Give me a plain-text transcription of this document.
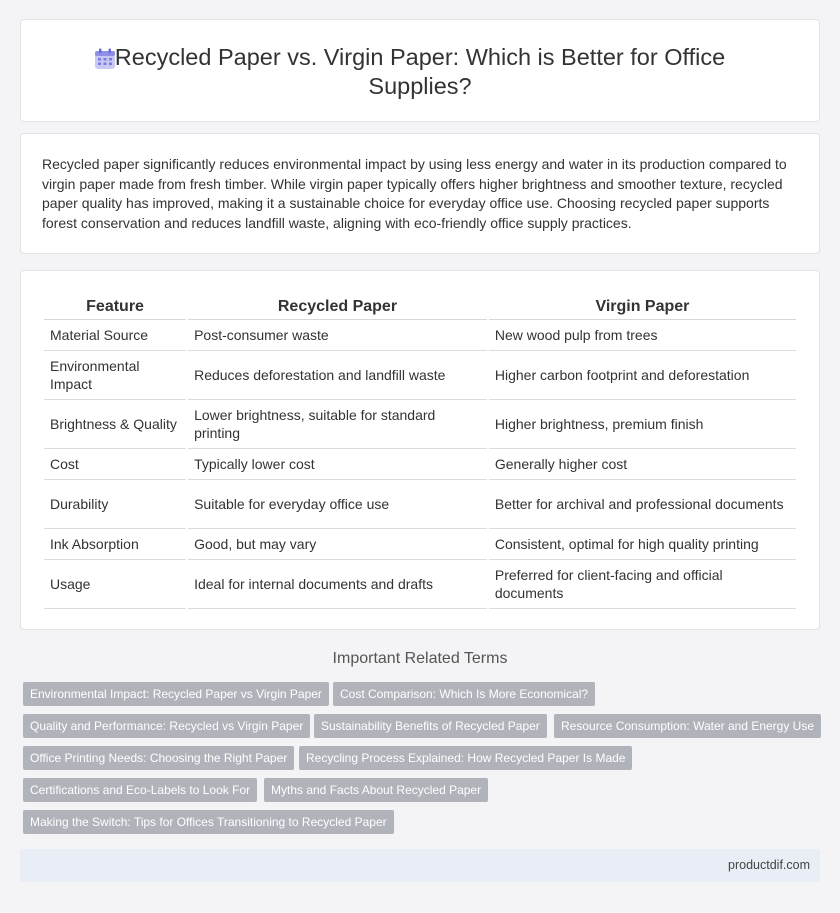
Recycled Paper vs. Virgin Paper: Which is Better for Office Supplies?

Recycled paper significantly reduces environmental impact by using less energy and water in its production compared to virgin paper made from fresh timber. While virgin paper typically offers higher brightness and smoother texture, recycled paper quality has improved, making it a sustainable choice for everyday office use. Choosing recycled paper supports forest conservation and reduces landfill waste, aligning with eco-friendly office supply practices.

Feature	Recycled Paper	Virgin Paper
Material Source	Post-consumer waste	New wood pulp from trees
Environmental Impact	Reduces deforestation and landfill waste	Higher carbon footprint and deforestation
Brightness & Quality	Lower brightness, suitable for standard printing	Higher brightness, premium finish
Cost	Typically lower cost	Generally higher cost
Durability	Suitable for everyday office use	Better for archival and professional documents
Ink Absorption	Good, but may vary	Consistent, optimal for high quality printing
Usage	Ideal for internal documents and drafts	Preferred for client-facing and official documents
Important Related Terms
Environmental Impact: Recycled Paper vs Virgin Paper	Cost Comparison: Which Is More Economical?
Quality and Performance: Recycled vs Virgin Paper	Sustainability Benefits of Recycled Paper	Resource Consumption: Water and Energy Use
Office Printing Needs: Choosing the Right Paper	Recycling Process Explained: How Recycled Paper Is Made
Certifications and Eco-Labels to Look For	Myths and Facts About Recycled Paper
Making the Switch: Tips for Offices Transitioning to Recycled Paper
productdif.com
